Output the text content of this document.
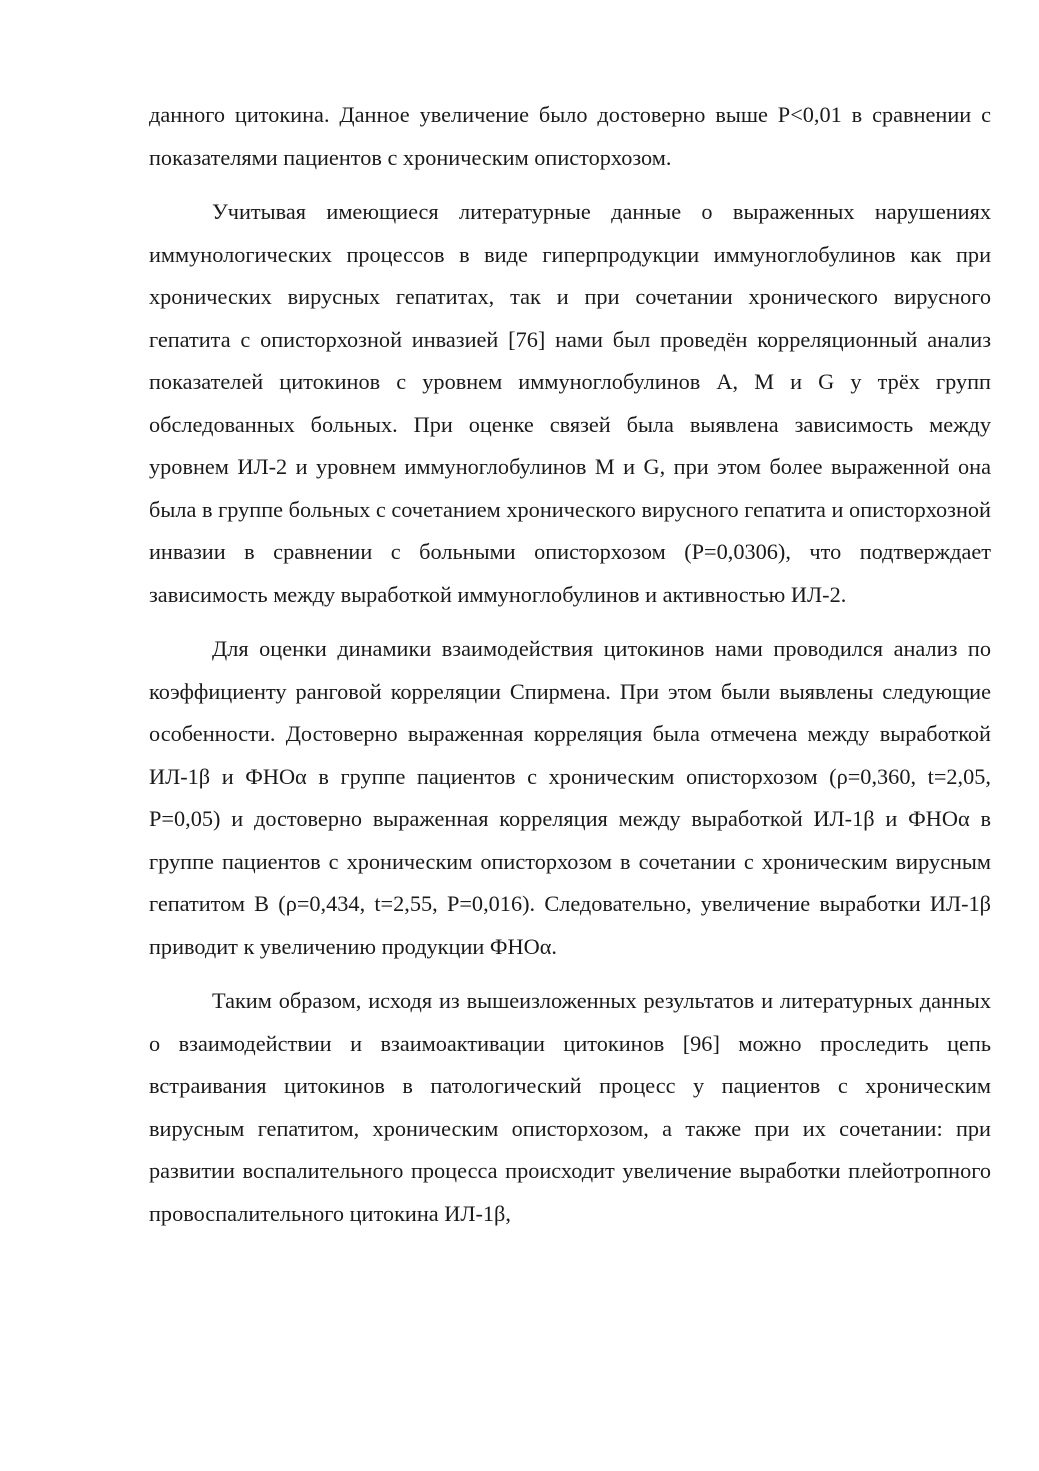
данного цитокина. Данное увеличение было достоверно выше P<0,01 в сравнении с показателями пациентов с хроническим описторхозом.

Учитывая имеющиеся литературные данные о выраженных нарушениях иммунологических процессов в виде гиперпродукции иммуноглобулинов как при хронических вирусных гепатитах, так и при сочетании хронического вирусного гепатита с описторхозной инвазией [76] нами был проведён корреляционный анализ показателей цитокинов с уровнем иммуноглобулинов A, M и G у трёх групп обследованных больных. При оценке связей была выявлена зависимость между уровнем ИЛ-2 и уровнем иммуноглобулинов M и G, при этом более выраженной она была в группе больных с сочетанием хронического вирусного гепатита и описторхозной инвазии в сравнении с больными описторхозом (P=0,0306), что подтверждает зависимость между выработкой иммуноглобулинов и активностью ИЛ-2.

Для оценки динамики взаимодействия цитокинов нами проводился анализ по коэффициенту ранговой корреляции Спирмена. При этом были выявлены следующие особенности. Достоверно выраженная корреляция была отмечена между выработкой ИЛ-1β и ФНОα в группе пациентов с хроническим описторхозом (ρ=0,360, t=2,05, P=0,05) и достоверно выраженная корреляция между выработкой ИЛ-1β и ФНОα в группе пациентов с хроническим описторхозом в сочетании с хроническим вирусным гепатитом B (ρ=0,434, t=2,55, P=0,016). Следовательно, увеличение выработки ИЛ-1β приводит к увеличению продукции ФНОα.

Таким образом, исходя из вышеизложенных результатов и литературных данных о взаимодействии и взаимоактивации цитокинов [96] можно проследить цепь встраивания цитокинов в патологический процесс у пациентов с хроническим вирусным гепатитом, хроническим описторхозом, а также при их сочетании: при развитии воспалительного процесса происходит увеличение выработки плейотропного провоспалительного цитокина ИЛ-1β,
